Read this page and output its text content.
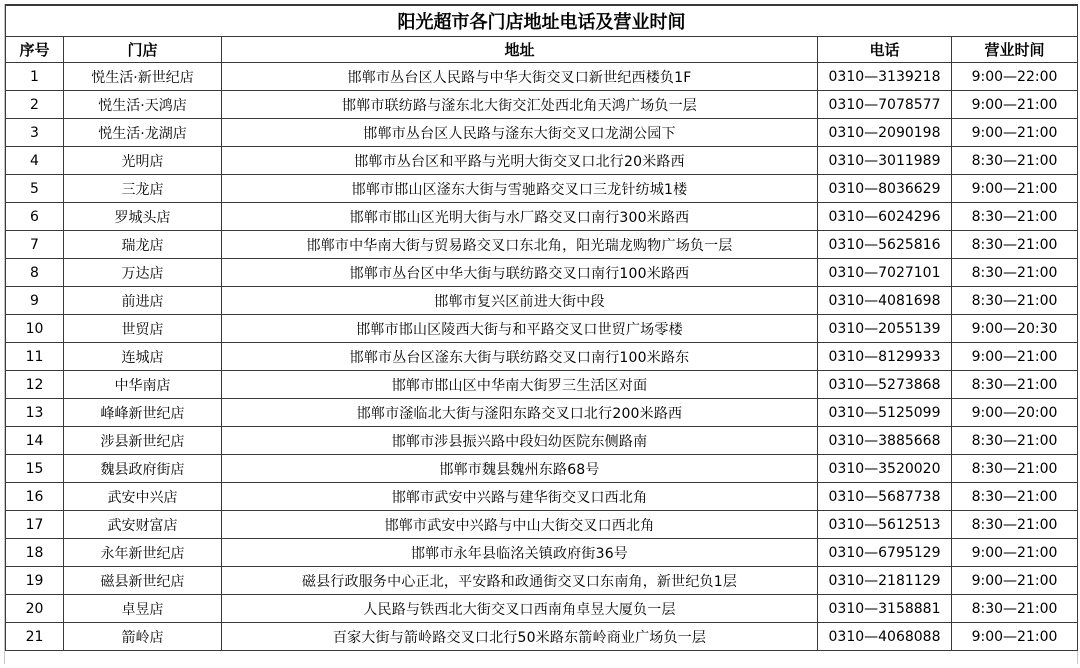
阳光超市各门店地址电话及营业时间				
序号	门店	地址	电话	营业时间
1	悦生活·新世纪店	邯郸市丛台区人民路与中华大街交叉口新世纪西楼负1F	0310—3139218	9:00—22:00
2	悦生活·天鸿店	邯郸市联纺路与滏东北大街交汇处西北角天鸿广场负一层	0310—7078577	9:00—21:00
3	悦生活·龙湖店	邯郸市丛台区人民路与滏东大街交叉口龙湖公园下	0310—2090198	9:00—21:00
4	光明店	邯郸市丛台区和平路与光明大街交叉口北行20米路西	0310—3011989	8:30—21:00
5	三龙店	邯郸市邯山区滏东大街与雪驰路交叉口三龙针纺城1楼	0310—8036629	9:00—21:00
6	罗城头店	邯郸市邯山区光明大街与水厂路交叉口南行300米路西	0310—6024296	8:30—21:00
7	瑞龙店	邯郸市中华南大街与贸易路交叉口东北角，阳光瑞龙购物广场负一层	0310—5625816	8:30—21:00
8	万达店	邯郸市丛台区中华大街与联纺路交叉口南行100米路西	0310—7027101	8:30—21:00
9	前进店	邯郸市复兴区前进大街中段	0310—4081698	8:30—21:00
10	世贸店	邯郸市邯山区陵西大街与和平路交叉口世贸广场零楼	0310—2055139	9:00—20:30
11	连城店	邯郸市丛台区滏东大街与联纺路交叉口南行100米路东	0310—8129933	9:00—21:00
12	中华南店	邯郸市邯山区中华南大街罗三生活区对面	0310—5273868	8:30—21:00
13	峰峰新世纪店	邯郸市滏临北大街与滏阳东路交叉口北行200米路西	0310—5125099	9:00—20:00
14	涉县新世纪店	邯郸市涉县振兴路中段妇幼医院东侧路南	0310—3885668	8:30—21:00
15	魏县政府街店	邯郸市魏县魏州东路68号	0310—3520020	8:30—21:00
16	武安中兴店	邯郸市武安中兴路与建华街交叉口西北角	0310—5687738	8:30—21:00
17	武安财富店	邯郸市武安中兴路与中山大街交叉口西北角	0310—5612513	8:30—21:00
18	永年新世纪店	邯郸市永年县临洺关镇政府街36号	0310—6795129	9:00—21:00
19	磁县新世纪店	磁县行政服务中心正北，平安路和政通街交叉口东南角，新世纪负1层	0310—2181129	9:00—21:00
20	卓昱店	人民路与铁西北大街交叉口西南角卓昱大厦负一层	0310—3158881	8:30—21:00
21	箭岭店	百家大街与箭岭路交叉口北行50米路东箭岭商业广场负一层	0310—4068088	9:00—21:00
